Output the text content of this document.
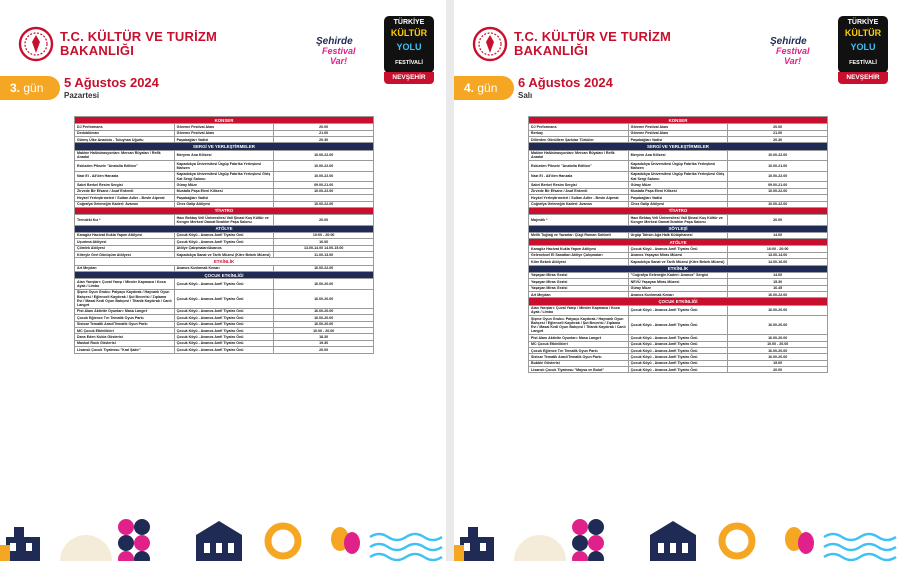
T.C. KÜLTÜR VE TURİZM
BAKANLIĞI
Şehirde
Festival
Var!
TÜRKİYE
KÜLTÜR
YOLU
FESTİVALİ
NEVŞEHİR
3. gün 5 Ağustos 2024
Pazartesi
KONSER		
DJ Performans	Göreme Festival Alanı	20.00
Dedublüman	Göreme Festival Alanı	21.00
Güneş Ülke Anadolu - Tuluyhan Uğurlu	Paşabağları Vadisi	20.30
SERGİ VE YERLEŞTİRMELER		
Makine Halüsinasyonları: Mercan Rüyaları / Refik Anadol	Meryem Ana Kilisesi	10.00-22.00
Eskizden Piksele "Anatolia Edition"	Kapadokya Üniversitesi Ürgüp Fabrika Yerleşkesi Mahzen	10.00-22.00
Nazi El - Ali'den Hanzala	Kapadokya Üniversitesi Ürgüp Fabrika Yerleşkesi Giriş Kat Sergi Salonu	10.00-22.00
Sabri Berkel Resim Sergisi	Güray Müze	09.00-21.00
Zirvede Bir Efsane / Asaf Erdemli	Mustafa Paşa Eleni Kilisesi	10.00-22.00
Heykel Yerleştirmeleri / Sultan Adler - Beste Alperat	Paşabağları Vadisi	
Coğrafya Geleneğin Kaderi: Avanos	Chez Galip Atölyesi	10.00-22.00
TİYATRO		
Trendeki Kız *	Hacı Bektaş Veli Üniversitesi Vali Şinasi Kuş Kültür ve Kongre Merkezi Damat İbrahim Paşa Salonu	20.00
ATÖLYE		
Karagöz Hacivat Kukla Yapım Atölyesi	Çocuk Köyü - Avanos Amfi Tiyatro Önü	10:00 - 20:00
Uçurtma Atölyesi	Çocuk Köyü - Avanos Amfi Tiyatro Önü	16.00
Çömlek Atölyesi	Atölye Çalışmaları/Avanos	13.00-14.00 14.00-15.00
Kitreyle Geri Dönüşüm Atölyesi	Kapadokya Sanat ve Tarih Müzesi (Kitre Bebek Müzesi)	11.00-13.00
ETKİNLİK		
Art Meydan	Avanos Kızılırmak Kenarı	16.00-22.00
ÇOCUK ETKİNLİĞİ		
Alan Yarışları: Çuval Yarışı / Minder Kapmaca / Koca Ayak / Limbo	Çocuk Köyü - Avanos Amfi Tiyatro Önü	16.00-20.00
Şişme Oyun Grubu: Palyaço Kaydırak / Hayvanlı Oyun Bahçesi / Eğlenceli Kaydırak / Şut Becerisi / Zıplama Evi / Masal Kedi Oyun Bahçesi / Titanik Kaydırak / Canlı Langırt	Çocuk Köyü - Avanos Amfi Tiyatro Önü	16.00-20.00
Pist Alanı Aktivite Oyunları: Masa Langırt	Çocuk Köyü - Avanos Amfi Tiyatro Önü	16.00-20.00
Çocuk Eğlence Tırı Tematik Oyun Parkı	Çocuk Köyü - Avanos Amfi Tiyatro Önü	16.00-20.00
Sistcar Tematik Araci/Tematik Oyun Parkı	Çocuk Köyü - Avanos Amfi Tiyatro Önü	16.00-20.00
MC Çocuk Etkinlikleri	Çocuk Köyü - Avanos Amfi Tiyatro Önü	10.00 - 20.00
Dans Eden Kukla Gösterisi	Çocuk Köyü - Avanos Amfi Tiyatro Önü	18.30
Maskot Rock Gösterisi	Çocuk Köyü - Avanos Amfi Tiyatro Önü	19.30
Lisanslı Çocuk Tiyatrosu "Kral Şakir"	Çocuk Köyü - Avanos Amfi Tiyatro Önü	20.00
T.C. KÜLTÜR VE TURİZM
BAKANLIĞI
Şehirde
Festival
Var!
TÜRKİYE
KÜLTÜR
YOLU
FESTİVALİ
NEVŞEHİR
4. gün 6 Ağustos 2024
Salı
KONSER		
DJ Performans	Göreme Festival Alanı	20.00
Berkay	Göreme Festival Alanı	21.00
Dillerden Gönüllere Şarkılar Türküler	Paşabağları Vadisi	20.30
SERGİ VE YERLEŞTİRMELER		
Makine Halüsinasyonları: Mercan Rüyaları / Refik Anadol	Meryem Ana Kilisesi	10.00-22.00
Eskizden Piksele "Anatolia Edition"	Kapadokya Üniversitesi Ürgüp Fabrika Yerleşkesi Mahzen	10.00-21.00
Nazi El - Ali'den Hanzala	Kapadokya Üniversitesi Ürgüp Fabrika Yerleşkesi Giriş Kat Sergi Salonu	10.00-22.00
Sabri Berkel Resim Sergisi	Güray Müze	09.00-21.00
Zirvede Bir Efsane / Asaf Erdemli	Mustafa Paşa Eleni Kilisesi	10.00-22.00
Heykel Yerleştirmeleri / Sultan Adler - Beste Alperat	Paşabağları Vadisi	
Coğrafya Geleneğin Kaderi: Avanos	Chez Galip Atölyesi	10.00-22.00
TİYATRO		
Majestik *	Hacı Bektaş Veli Üniversitesi Vali Şinasi Kuş Kültür ve Kongre Merkezi Damat İbrahim Paşa Salonu	20.00
SÖYLEŞİ		
Melih Tuğtağ ve Yazarlar: Çizgi Roman Sohbeti	Ürgüp Tahsin Ağa Halk Kütüphanesi	14.00
ATÖLYE		
Karagöz Hacivat Kukla Yapım Atölyesi	Çocuk Köyü - Avanos Amfi Tiyatro Önü	16:00 - 20:00
Geleneksel El Sanatları Atölye Çalışmaları	Avanos Yaşayan Miras Müzesi	13.00-14.00
Kitre Bebek Atölyesi	Kapadokya Sanat ve Tarih Müzesi (Kitre Bebek Müzesi)	14.00-16.00
ETKİNLİK		
Yaşayan Miras Gezisi	"Coğrafya Geleneğin Kaderi: Avanos" Sergisi	14.00
Yaşayan Miras Gezisi	NEVÜ Yaşayan Miras Müzesi	15.30
Yaşayan Miras Gezisi	Güray Müze	16.45
Art Meydan	Avanos Kızılırmak Kenarı	16.00-22.00
ÇOCUK ETKİNLİĞİ		
Alan Yarışları: Çuval Yarışı / Minder Kapmaca / Koca Ayak / Limbo	Çocuk Köyü - Avanos Amfi Tiyatro Önü	16.00-20.00
Şişme Oyun Grubu: Palyaço Kaydırak / Hayvanlı Oyun Bahçesi / Eğlenceli Kaydırak / Şut Becerisi / Zıplama Evi / Masal Kedi Oyun Bahçesi / Titanik Kaydırak / Canlı Langırt	Çocuk Köyü - Avanos Amfi Tiyatro Önü	16.00-20.00
Pist Alanı Aktivite Oyunları: Masa Langırt	Çocuk Köyü - Avanos Amfi Tiyatro Önü	16.00-20.00
MC Çocuk Etkinlikleri	Çocuk Köyü - Avanos Amfi Tiyatro Önü	10.00 - 20.00
Çocuk Eğlence Tırı Tematik Oyun Parkı	Çocuk Köyü - Avanos Amfi Tiyatro Önü	16.00-20.00
Sistcar Tematik Araci/Tematik Oyun Parkı	Çocuk Köyü - Avanos Amfi Tiyatro Önü	16.00-20.00
Bubble Gösterisi	Çocuk Köyü - Avanos Amfi Tiyatro Önü	19.00
Lisanslı Çocuk Tiyatrosu "Maysa ve Bulut"	Çocuk Köyü - Avanos Amfi Tiyatro Önü	20.00
